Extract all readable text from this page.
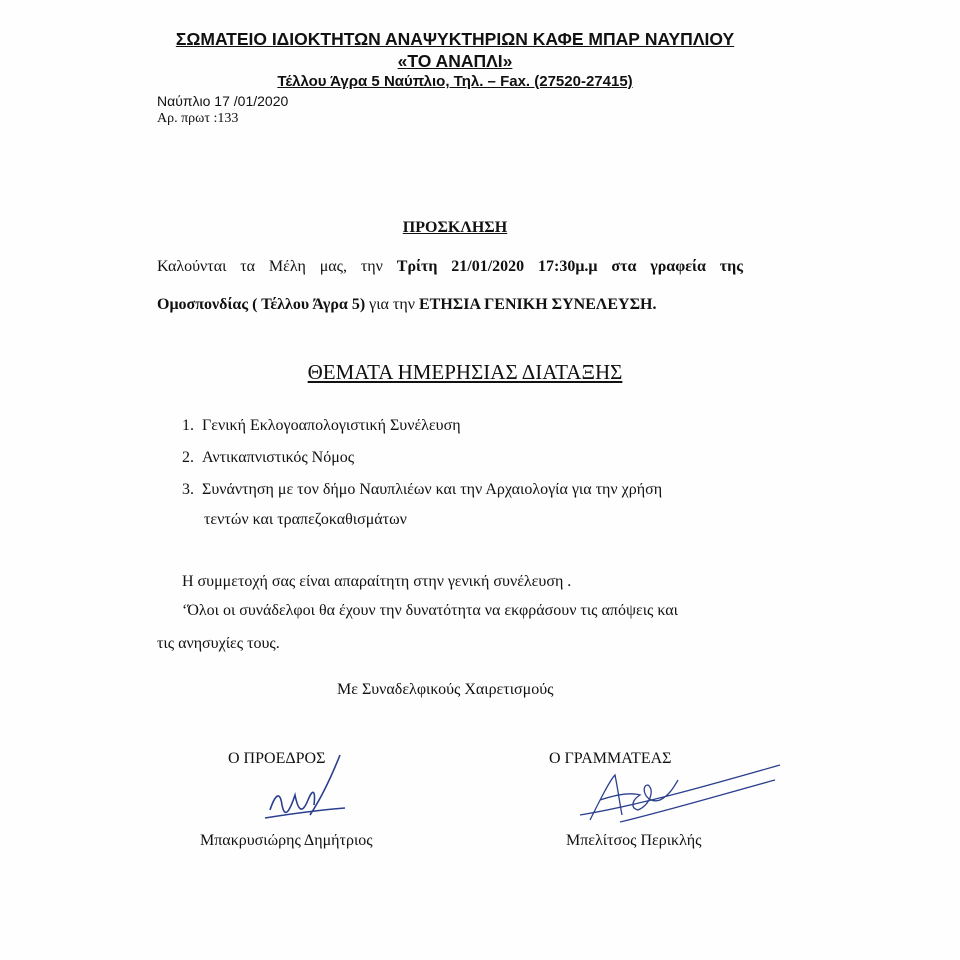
ΣΩΜΑΤΕΙΟ ΙΔΙΟΚΤΗΤΩΝ ΑΝΑΨΥΚΤΗΡΙΩΝ ΚΑΦΕ ΜΠΑΡ ΝΑΥΠΛΙΟΥ
«ΤΟ ΑΝΑΠΛΙ»
Τέλλου Άγρα 5 Ναύπλιο, Τηλ. – Fax. (27520-27415)
Ναύπλιο 17 /01/2020
Αρ. πρωτ :133
ΠΡΟΣΚΛΗΣΗ
Καλούνται τα Μέλη μας, την Τρίτη 21/01/2020 17:30μ.μ στα γραφεία της
Ομοσπονδίας ( Τέλλου Άγρα 5) για την ΕΤΗΣΙΑ ΓΕΝΙΚΗ ΣΥΝΕΛΕΥΣΗ.
ΘΕΜΑΤΑ ΗΜΕΡΗΣΙΑΣ ΔΙΑΤΑΞΗΣ
1. Γενική Εκλογοαπολογιστική Συνέλευση
2. Αντικαπνιστικός Νόμος
3. Συνάντηση με τον δήμο Ναυπλιέων και την Αρχαιολογία για την χρήση
τεντών και τραπεζοκαθισμάτων
Η συμμετοχή σας είναι απαραίτητη στην γενική συνέλευση .
‘Όλοι οι συνάδελφοι θα έχουν την δυνατότητα να εκφράσουν τις απόψεις και
τις ανησυχίες τους.
Με Συναδελφικούς Χαιρετισμούς
Ο ΠΡΟΕΔΡΟΣ	Ο ΓΡΑΜΜΑΤΕΑΣ
Μπακρυσιώρης Δημήτριος	Μπελίτσος Περικλής
